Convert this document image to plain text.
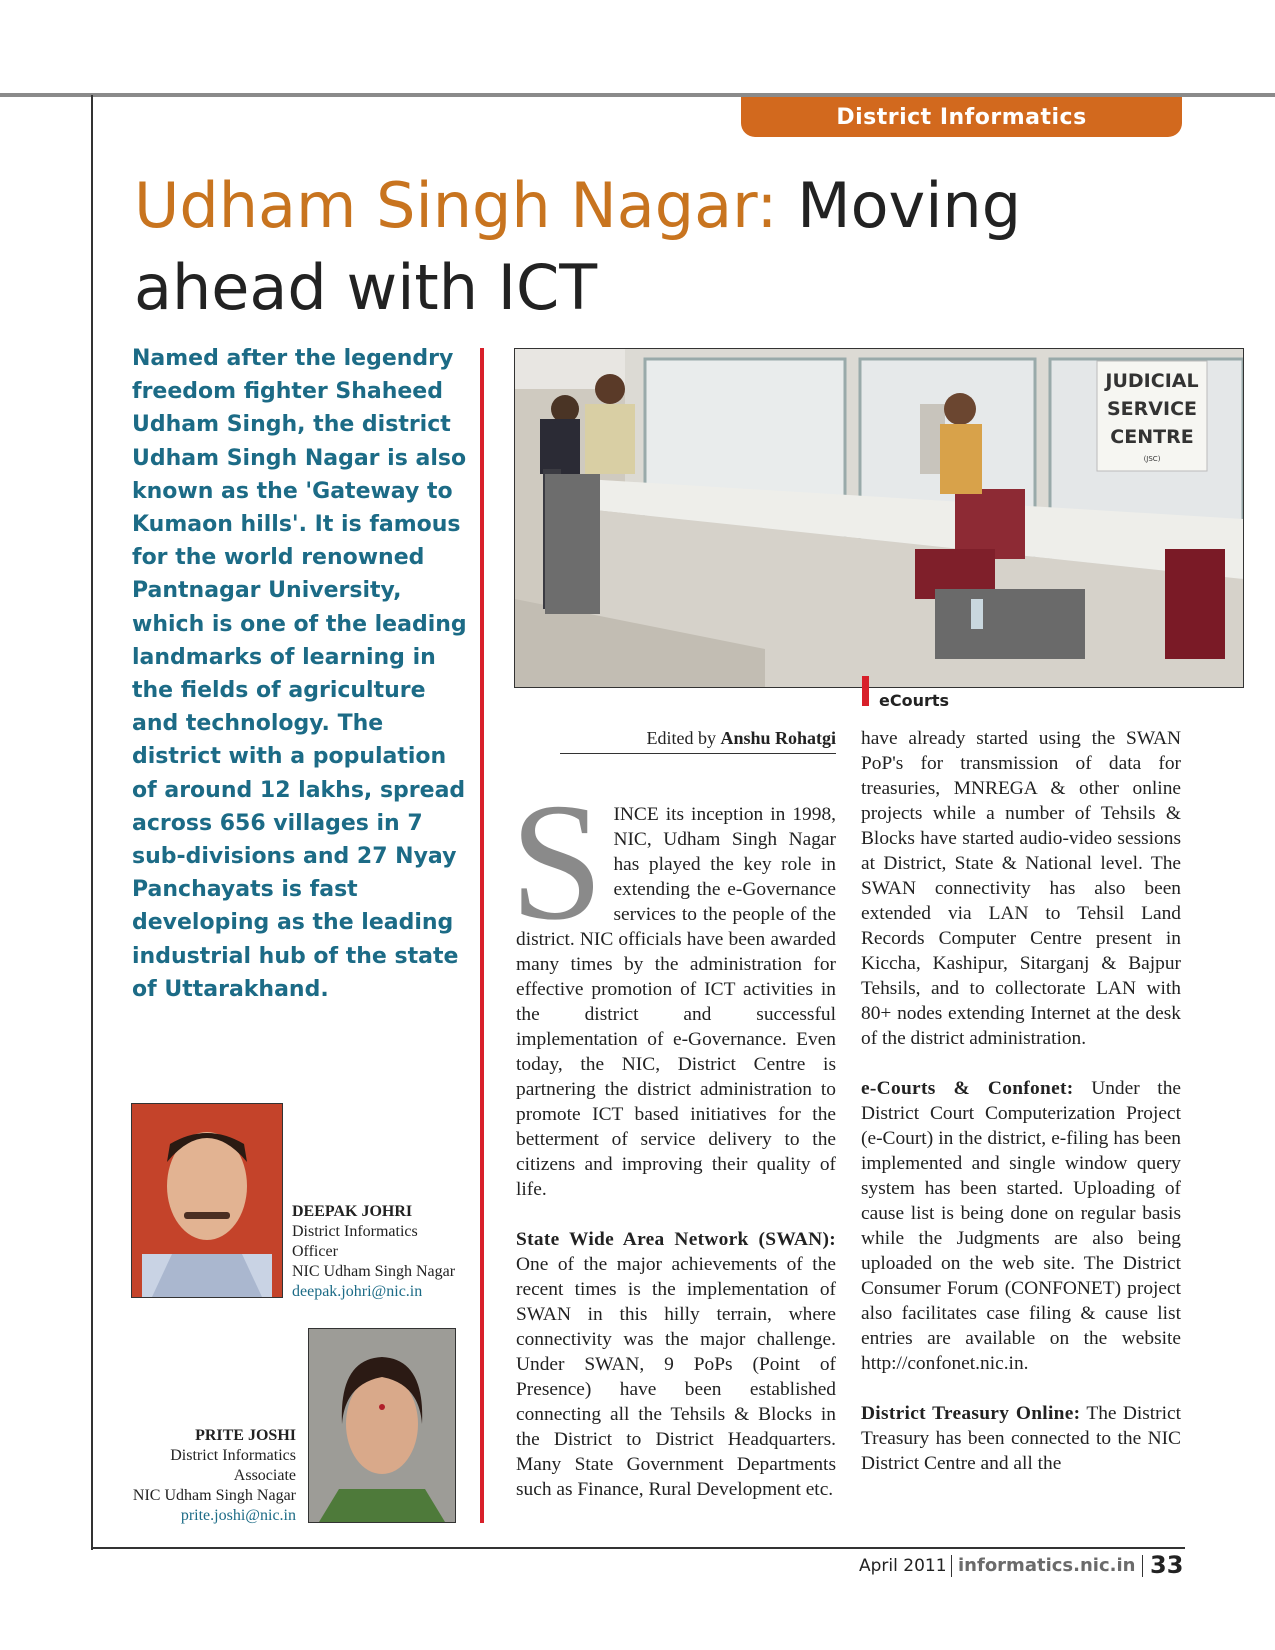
District Informatics
Udham Singh Nagar: Moving ahead with ICT

Named after the legendry freedom fighter Shaheed Udham Singh, the district Udham Singh Nagar is also known as the 'Gateway to Kumaon hills'. It is famous for the world renowned Pantnagar University, which is one of the leading landmarks of learning in the fields of agriculture and technology. The district with a population of around 12 lakhs, spread across 656 villages in 7 sub-divisions and 27 Nyay Panchayats is fast developing as the leading industrial hub of the state of Uttarakhand.

JUDICIAL
SERVICE
CENTRE
(JSC)
eCourts
Edited by Anshu Rohatgi

SINCE its inception in 1998, NIC, Udham Singh Nagar has played the key role in extending the e-Governance services to the people of the district. NIC officials have been awarded many times by the administration for effective promotion of ICT activities in the district and successful implementation of e-Governance. Even today, the NIC, District Centre is partnering the district administration to promote ICT based initiatives for the betterment of service delivery to the citizens and improving their quality of life.

State Wide Area Network (SWAN): One of the major achievements of the recent times is the implementation of SWAN in this hilly terrain, where connectivity was the major challenge. Under SWAN, 9 PoPs (Point of Presence) have been established connecting all the Tehsils & Blocks in the District to District Headquarters. Many State Government Departments such as Finance, Rural Development etc.

have already started using the SWAN PoP's for transmission of data for treasuries, MNREGA & other online projects while a number of Tehsils & Blocks have started audio-video sessions at District, State & National level. The SWAN connectivity has also been extended via LAN to Tehsil Land Records Computer Centre present in Kiccha, Kashipur, Sitarganj & Bajpur Tehsils, and to collectorate LAN with 80+ nodes extending Internet at the desk of the district administration.

e-Courts & Confonet: Under the District Court Computerization Project (e-Court) in the district, e-filing has been implemented and single window query system has been started. Uploading of cause list is being done on regular basis while the Judgments are also being uploaded on the web site. The District Consumer Forum (CONFONET) project also facilitates case filing & cause list entries are available on the website http://confonet.nic.in.

District Treasury Online: The District Treasury has been connected to the NIC District Centre and all the

DEEPAK JOHRI
District Informatics
Officer
NIC Udham Singh Nagar
deepak.johri@nic.in
PRITE JOSHI
District Informatics
Associate
NIC Udham Singh Nagar
prite.joshi@nic.in
April 2011 informatics.nic.in 33
